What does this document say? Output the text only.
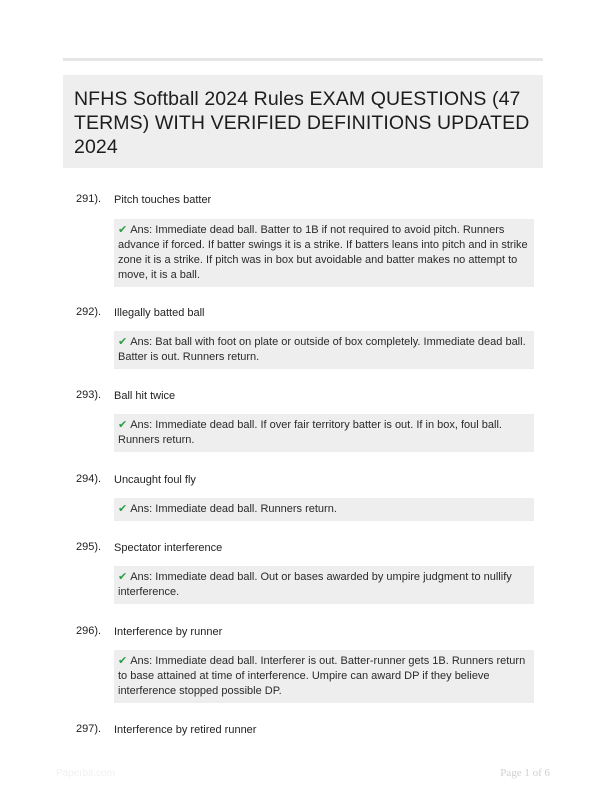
NFHS Softball 2024 Rules EXAM QUESTIONS (47 TERMS) WITH VERIFIED DEFINITIONS UPDATED 2024
291). Pitch touches batter
✔ Ans: Immediate dead ball. Batter to 1B if not required to avoid pitch. Runners advance if forced. If batter swings it is a strike. If batters leans into pitch and in strike zone it is a strike. If pitch was in box but avoidable and batter makes no attempt to move, it is a ball.
292). Illegally batted ball
✔ Ans: Bat ball with foot on plate or outside of box completely. Immediate dead ball. Batter is out. Runners return.
293). Ball hit twice
✔ Ans: Immediate dead ball. If over fair territory batter is out. If in box, foul ball. Runners return.
294). Uncaught foul fly
✔ Ans: Immediate dead ball. Runners return.
295). Spectator interference
✔ Ans: Immediate dead ball. Out or bases awarded by umpire judgment to nullify interference.
296). Interference by runner
✔ Ans: Immediate dead ball. Interferer is out. Batter-runner gets 1B. Runners return to base attained at time of interference. Umpire can award DP if they believe interference stopped possible DP.
297). Interference by retired runner
Paperbit.com	Page 1 of 6
